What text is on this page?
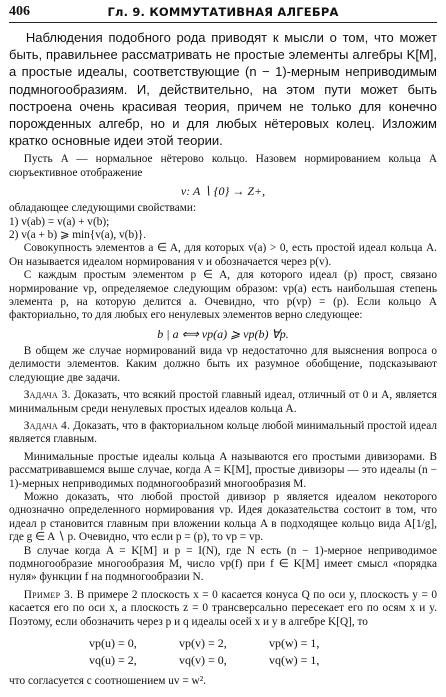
406	Гл. 9. КОММУТАТИВНАЯ АЛГЕБРА

Наблюдения подобного рода приводят к мысли о том, что может быть, правильнее рассматривать не простые элементы алгебры K[M], а простые идеалы, соответствующие (n − 1)-мерным неприводимым подмногообразиям. И, действительно, на этом пути может быть построена очень красивая теория, причем не только для конечно порожденных алгебр, но и для любых нётеровых колец. Изложим кратко основные идеи этой теории.

Пусть A — нормальное нётерово кольцо. Назовем нормированием кольца A сюръективное отображение

v: A ∖ {0} → Z+,

обладающее следующими свойствами:

1) v(ab) = v(a) + v(b);

2) v(a + b) ⩾ min{v(a), v(b)}.

Совокупность элементов a ∈ A, для которых v(a) > 0, есть простой идеал кольца A. Он называется идеалом нормирования v и обозначается через p(v).

С каждым простым элементом p ∈ A, для которого идеал (p) прост, связано нормирование vp, определяемое следующим образом: vp(a) есть наибольшая степень элемента p, на которую делится a. Очевидно, что p(vp) = (p). Если кольцо A факториально, то для любых его ненулевых элементов верно следующее:

b | a ⟺ vp(a) ⩾ vp(b) ∀p.

В общем же случае нормирований вида vp недостаточно для выяснения вопроса о делимости элементов. Каким должно быть их разумное обобщение, подсказывают следующие две задачи.

Задача 3. Доказать, что всякий простой главный идеал, отличный от 0 и A, является минимальным среди ненулевых простых идеалов кольца A.

Задача 4. Доказать, что в факториальном кольце любой минимальный простой идеал является главным.

Минимальные простые идеалы кольца A называются его простыми дивизорами. В рассматривавшемся выше случае, когда A = K[M], простые дивизоры — это идеалы (n − 1)-мерных неприводимых подмногообразий многообразия M.

Можно доказать, что любой простой дивизор p является идеалом некоторого однозначно определенного нормирования vp. Идея доказательства состоит в том, что идеал p становится главным при вложении кольца A в подходящее кольцо вида A[1/g], где g ∈ A ∖ p. Очевидно, что если p = (p), то vp = vp.

В случае когда A = K[M] и p = I(N), где N есть (n − 1)-мерное неприводимое подмногообразие многообразия M, число vp(f) при f ∈ K[M] имеет смысл «порядка нуля» функции f на подмногообразии N.

Пример 3. В примере 2 плоскость x = 0 касается конуса Q по оси y, плоскость y = 0 касается его по оси x, а плоскость z = 0 трансверсально пересекает его по осям x и y. Поэтому, если обозначить через p и q идеалы осей x и y в алгебре K[Q], то

vp(u) = 0,	vp(v) = 2,	vp(w) = 1,
vq(u) = 2,	vq(v) = 0,	vq(w) = 1,

что согласуется с соотношением uv = w².
